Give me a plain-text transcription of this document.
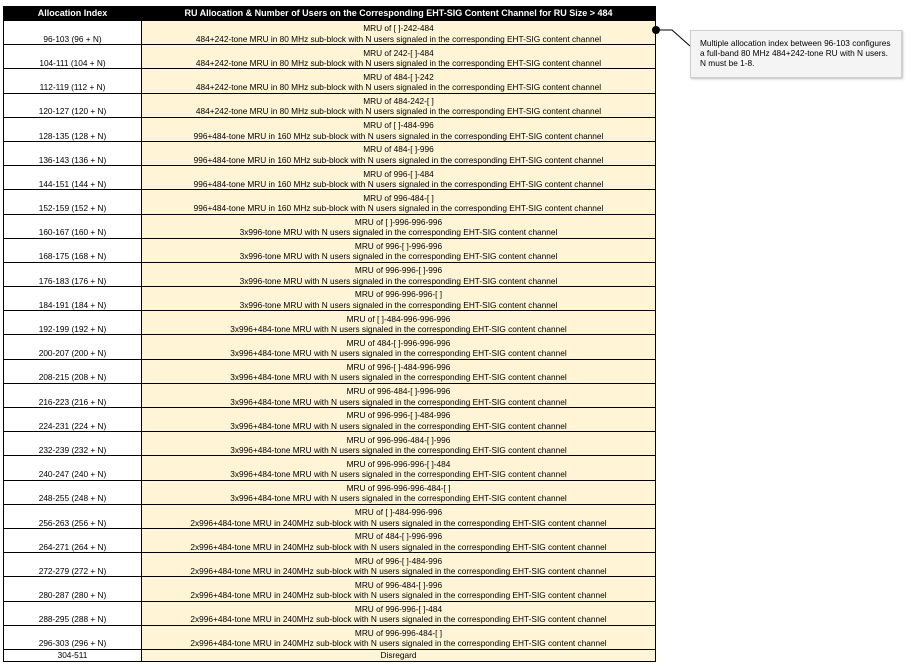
Allocation Index	RU Allocation & Number of Users on the Corresponding EHT-SIG Content Channel for RU Size > 484
96-103 (96 + N)	MRU of [ ]-242-484
484+242-tone MRU in 80 MHz sub-block with N users signaled in the corresponding EHT-SIG content channel

104-111 (104 + N)	MRU of 242-[ ]-484
484+242-tone MRU in 80 MHz sub-block with N users signaled in the corresponding EHT-SIG content channel

112-119 (112 + N)	MRU of 484-[ ]-242
484+242-tone MRU in 80 MHz sub-block with N users signaled in the corresponding EHT-SIG content channel

120-127 (120 + N)	MRU of 484-242-[ ]
484+242-tone MRU in 80 MHz sub-block with N users signaled in the corresponding EHT-SIG content channel

128-135 (128 + N)	MRU of [ ]-484-996
996+484-tone MRU in 160 MHz sub-block with N users signaled in the corresponding EHT-SIG content channel

136-143 (136 + N)	MRU of 484-[ ]-996
996+484-tone MRU in 160 MHz sub-block with N users signaled in the corresponding EHT-SIG content channel

144-151 (144 + N)	MRU of 996-[ ]-484
996+484-tone MRU in 160 MHz sub-block with N users signaled in the corresponding EHT-SIG content channel

152-159 (152 + N)	MRU of 996-484-[ ]
996+484-tone MRU in 160 MHz sub-block with N users signaled in the corresponding EHT-SIG content channel

160-167 (160 + N)	MRU of [ ]-996-996-996
3x996-tone MRU with N users signaled in the corresponding EHT-SIG content channel

168-175 (168 + N)	MRU of 996-[ ]-996-996
3x996-tone MRU with N users signaled in the corresponding EHT-SIG content channel

176-183 (176 + N)	MRU of 996-996-[ ]-996
3x996-tone MRU with N users signaled in the corresponding EHT-SIG content channel

184-191 (184 + N)	MRU of 996-996-996-[ ]
3x996-tone MRU with N users signaled in the corresponding EHT-SIG content channel

192-199 (192 + N)	MRU of [ ]-484-996-996-996
3x996+484-tone MRU with N users signaled in the corresponding EHT-SIG content channel

200-207 (200 + N)	MRU of 484-[ ]-996-996-996
3x996+484-tone MRU with N users signaled in the corresponding EHT-SIG content channel

208-215 (208 + N)	MRU of 996-[ ]-484-996-996
3x996+484-tone MRU with N users signaled in the corresponding EHT-SIG content channel

216-223 (216 + N)	MRU of 996-484-[ ]-996-996
3x996+484-tone MRU with N users signaled in the corresponding EHT-SIG content channel

224-231 (224 + N)	MRU of 996-996-[ ]-484-996
3x996+484-tone MRU with N users signaled in the corresponding EHT-SIG content channel

232-239 (232 + N)	MRU of 996-996-484-[ ]-996
3x996+484-tone MRU with N users signaled in the corresponding EHT-SIG content channel

240-247 (240 + N)	MRU of 996-996-996-[ ]-484
3x996+484-tone MRU with N users signaled in the corresponding EHT-SIG content channel

248-255 (248 + N)	MRU of 996-996-996-484-[ ]
3x996+484-tone MRU with N users signaled in the corresponding EHT-SIG content channel

256-263 (256 + N)	MRU of [ ]-484-996-996
2x996+484-tone MRU in 240MHz sub-block with N users signaled in the corresponding EHT-SIG content channel

264-271 (264 + N)	MRU of 484-[ ]-996-996
2x996+484-tone MRU in 240MHz sub-block with N users signaled in the corresponding EHT-SIG content channel

272-279 (272 + N)	MRU of 996-[ ]-484-996
2x996+484-tone MRU in 240MHz sub-block with N users signaled in the corresponding EHT-SIG content channel

280-287 (280 + N)	MRU of 996-484-[ ]-996
2x996+484-tone MRU in 240MHz sub-block with N users signaled in the corresponding EHT-SIG content channel

288-295 (288 + N)	MRU of 996-996-[ ]-484
2x996+484-tone MRU in 240MHz sub-block with N users signaled in the corresponding EHT-SIG content channel

296-303 (296 + N)	MRU of 996-996-484-[ ]
2x996+484-tone MRU in 240MHz sub-block with N users signaled in the corresponding EHT-SIG content channel

304-511	Disregard
Multiple allocation index between 96-103 configures a full-band 80 MHz 484+242-tone RU with N users. N must be 1-8.
